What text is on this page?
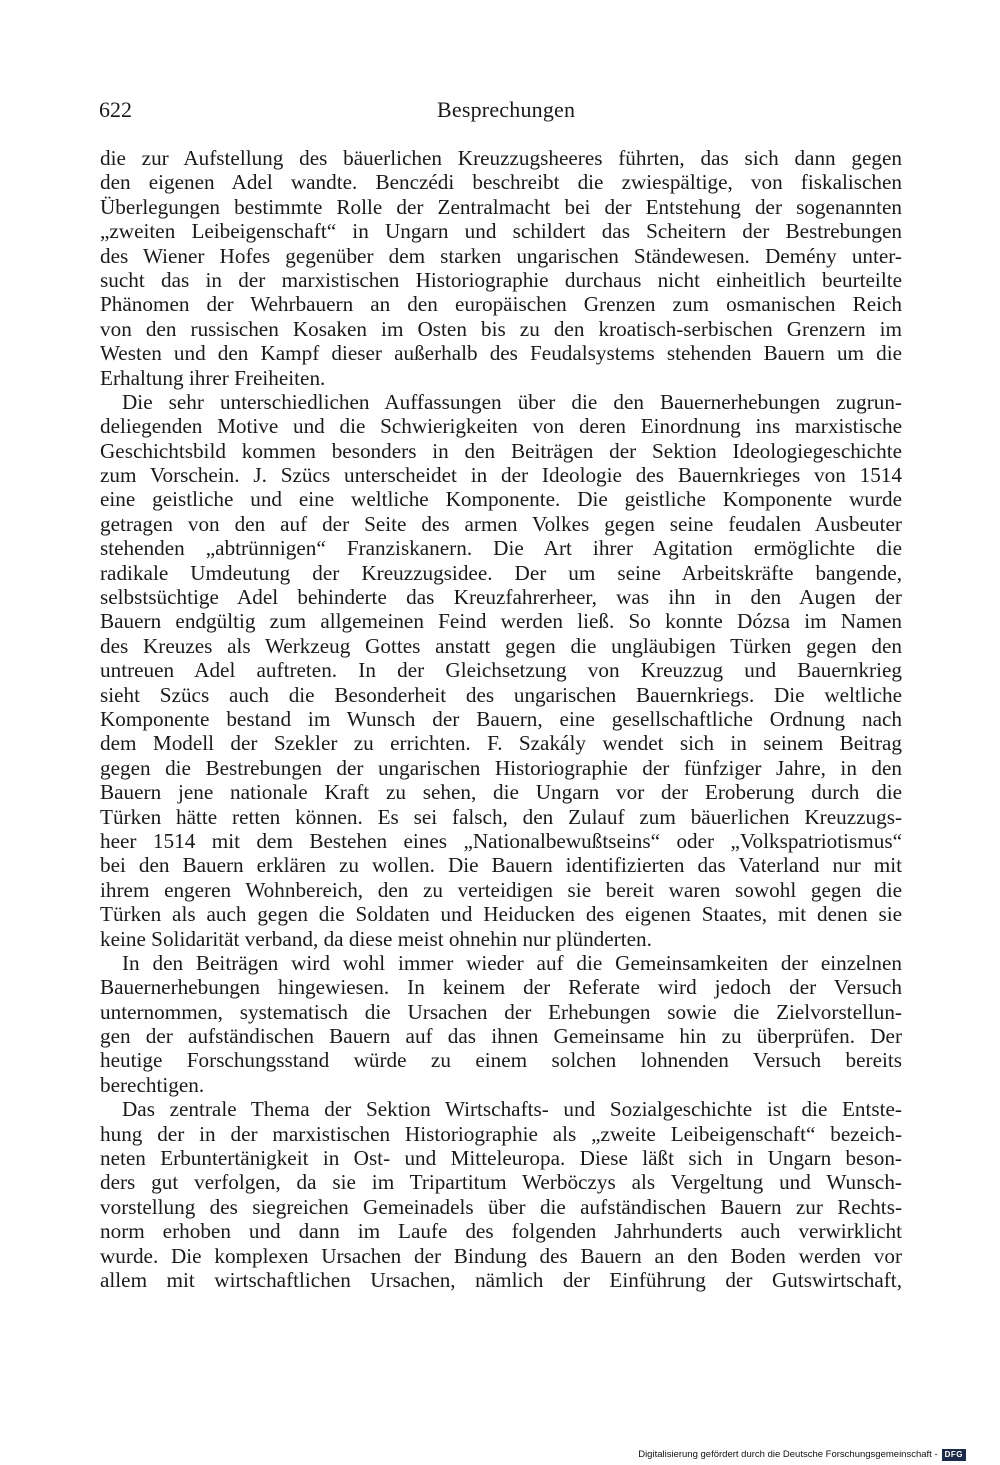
622	Besprechungen
die zur Aufstellung des bäuerlichen Kreuzzugsheeres führten, das sich dann gegen
den eigenen Adel wandte. Benczédi beschreibt die zwiespältige, von fiskalischen
Überlegungen bestimmte Rolle der Zentralmacht bei der Entstehung der sogenannten
„zweiten Leibeigenschaft“ in Ungarn und schildert das Scheitern der Bestrebungen
des Wiener Hofes gegenüber dem starken ungarischen Ständewesen. Demény unter-
sucht das in der marxistischen Historiographie durchaus nicht einheitlich beurteilte
Phänomen der Wehrbauern an den europäischen Grenzen zum osmanischen Reich
von den russischen Kosaken im Osten bis zu den kroatisch-serbischen Grenzern im
Westen und den Kampf dieser außerhalb des Feudalsystems stehenden Bauern um die
Erhaltung ihrer Freiheiten.
Die sehr unterschiedlichen Auffassungen über die den Bauernerhebungen zugrun-
deliegenden Motive und die Schwierigkeiten von deren Einordnung ins marxistische
Geschichtsbild kommen besonders in den Beiträgen der Sektion Ideologiegeschichte
zum Vorschein. J. Szücs unterscheidet in der Ideologie des Bauernkrieges von 1514
eine geistliche und eine weltliche Komponente. Die geistliche Komponente wurde
getragen von den auf der Seite des armen Volkes gegen seine feudalen Ausbeuter
stehenden „abtrünnigen“ Franziskanern. Die Art ihrer Agitation ermöglichte die
radikale Umdeutung der Kreuzzugsidee. Der um seine Arbeitskräfte bangende,
selbstsüchtige Adel behinderte das Kreuzfahrerheer, was ihn in den Augen der
Bauern endgültig zum allgemeinen Feind werden ließ. So konnte Dózsa im Namen
des Kreuzes als Werkzeug Gottes anstatt gegen die ungläubigen Türken gegen den
untreuen Adel auftreten. In der Gleichsetzung von Kreuzzug und Bauernkrieg
sieht Szücs auch die Besonderheit des ungarischen Bauernkriegs. Die weltliche
Komponente bestand im Wunsch der Bauern, eine gesellschaftliche Ordnung nach
dem Modell der Szekler zu errichten. F. Szakály wendet sich in seinem Beitrag
gegen die Bestrebungen der ungarischen Historiographie der fünfziger Jahre, in den
Bauern jene nationale Kraft zu sehen, die Ungarn vor der Eroberung durch die
Türken hätte retten können. Es sei falsch, den Zulauf zum bäuerlichen Kreuzzugs-
heer 1514 mit dem Bestehen eines „Nationalbewußtseins“ oder „Volkspatriotismus“
bei den Bauern erklären zu wollen. Die Bauern identifizierten das Vaterland nur mit
ihrem engeren Wohnbereich, den zu verteidigen sie bereit waren sowohl gegen die
Türken als auch gegen die Soldaten und Heiducken des eigenen Staates, mit denen sie
keine Solidarität verband, da diese meist ohnehin nur plünderten.
In den Beiträgen wird wohl immer wieder auf die Gemeinsamkeiten der einzelnen
Bauernerhebungen hingewiesen. In keinem der Referate wird jedoch der Versuch
unternommen, systematisch die Ursachen der Erhebungen sowie die Zielvorstellun-
gen der aufständischen Bauern auf das ihnen Gemeinsame hin zu überprüfen. Der
heutige Forschungsstand würde zu einem solchen lohnenden Versuch bereits
berechtigen.
Das zentrale Thema der Sektion Wirtschafts- und Sozialgeschichte ist die Entste-
hung der in der marxistischen Historiographie als „zweite Leibeigenschaft“ bezeich-
neten Erbuntertänigkeit in Ost- und Mitteleuropa. Diese läßt sich in Ungarn beson-
ders gut verfolgen, da sie im Tripartitum Werböczys als Vergeltung und Wunsch-
vorstellung des siegreichen Gemeinadels über die aufständischen Bauern zur Rechts-
norm erhoben und dann im Laufe des folgenden Jahrhunderts auch verwirklicht
wurde. Die komplexen Ursachen der Bindung des Bauern an den Boden werden vor
allem mit wirtschaftlichen Ursachen, nämlich der Einführung der Gutswirtschaft,
Digitalisierung gefördert durch die Deutsche Forschungsgemeinschaft - DFG
